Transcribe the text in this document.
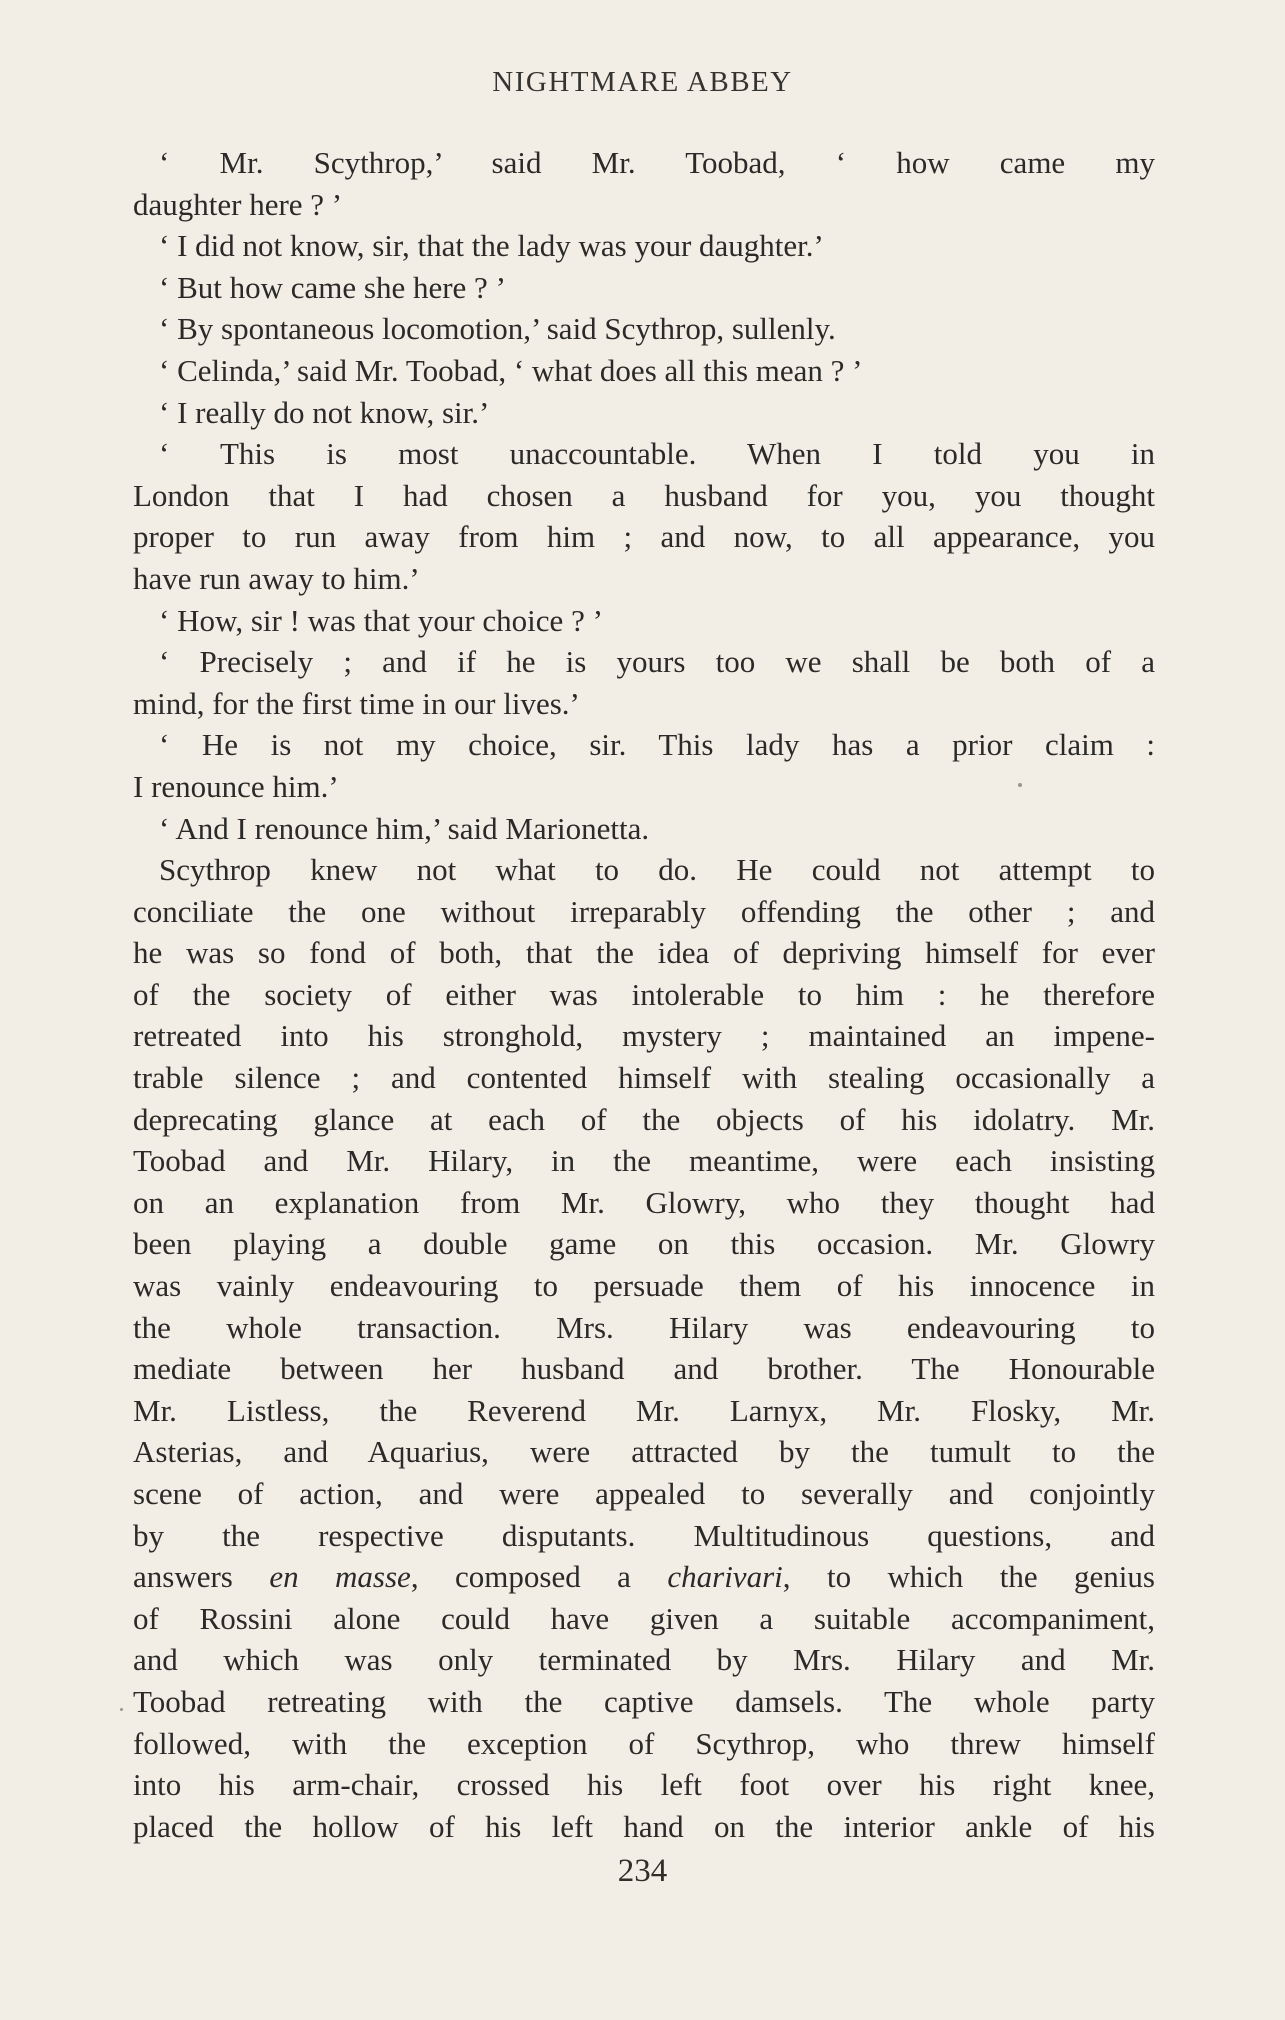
NIGHTMARE ABBEY
‘ Mr. Scythrop,’ said Mr. Toobad, ‘ how came my
daughter here ? ’
‘ I did not know, sir, that the lady was your daughter.’
‘ But how came she here ? ’
‘ By spontaneous locomotion,’ said Scythrop, sullenly.
‘ Celinda,’ said Mr. Toobad, ‘ what does all this mean ? ’
‘ I really do not know, sir.’
‘ This is most unaccountable. When I told you in
London that I had chosen a husband for you, you thought
proper to run away from him ; and now, to all appearance, you
have run away to him.’
‘ How, sir ! was that your choice ? ’
‘ Precisely ; and if he is yours too we shall be both of a
mind, for the first time in our lives.’
‘ He is not my choice, sir. This lady has a prior claim :
I renounce him.’
‘ And I renounce him,’ said Marionetta.
Scythrop knew not what to do. He could not attempt to
conciliate the one without irreparably offending the other ; and
he was so fond of both, that the idea of depriving himself for ever
of the society of either was intolerable to him : he therefore
retreated into his stronghold, mystery ; maintained an impene-
trable silence ; and contented himself with stealing occasionally a
deprecating glance at each of the objects of his idolatry. Mr.
Toobad and Mr. Hilary, in the meantime, were each insisting
on an explanation from Mr. Glowry, who they thought had
been playing a double game on this occasion. Mr. Glowry
was vainly endeavouring to persuade them of his innocence in
the whole transaction. Mrs. Hilary was endeavouring to
mediate between her husband and brother. The Honourable
Mr. Listless, the Reverend Mr. Larnyx, Mr. Flosky, Mr.
Asterias, and Aquarius, were attracted by the tumult to the
scene of action, and were appealed to severally and conjointly
by the respective disputants. Multitudinous questions, and
answers en masse, composed a charivari, to which the genius
of Rossini alone could have given a suitable accompaniment,
and which was only terminated by Mrs. Hilary and Mr.
Toobad retreating with the captive damsels. The whole party
followed, with the exception of Scythrop, who threw himself
into his arm-chair, crossed his left foot over his right knee,
placed the hollow of his left hand on the interior ankle of his
234
